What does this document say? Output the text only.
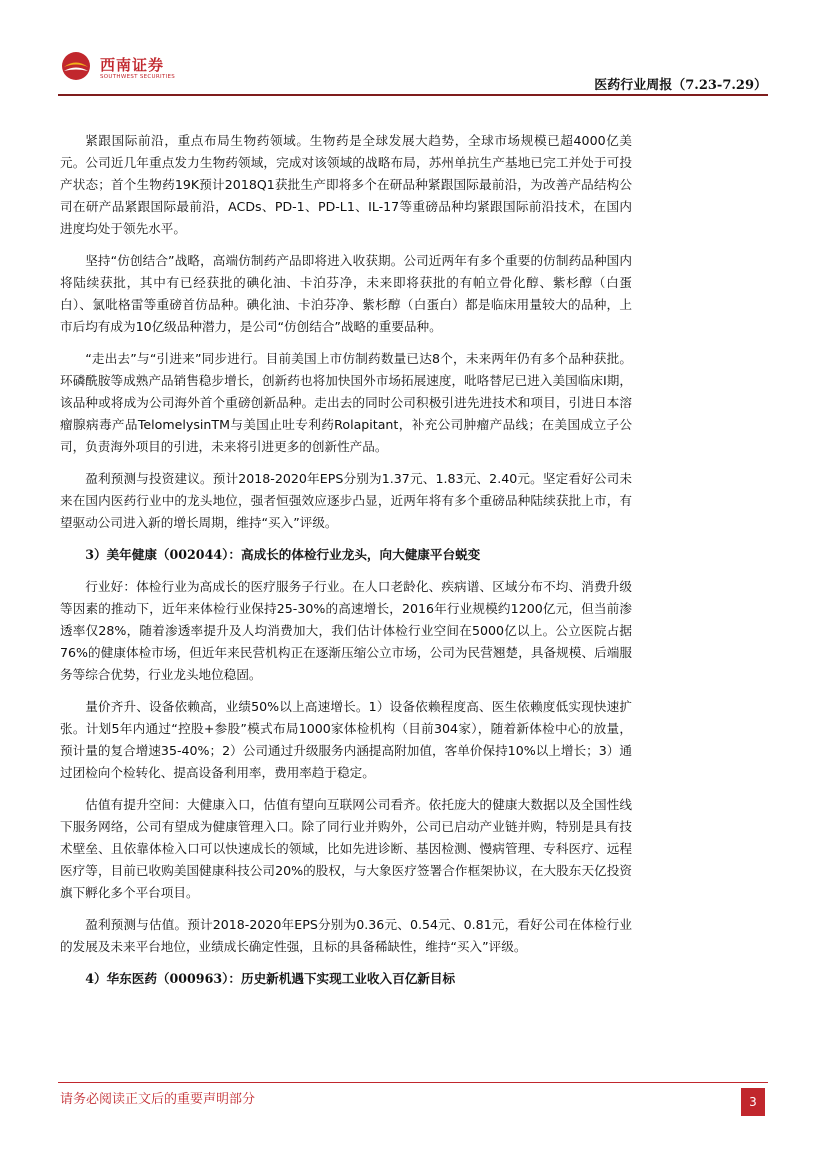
西南证券
SOUTHWEST SECURITIES
医药行业周报（7.23-7.29）

紧跟国际前沿，重点布局生物药领域。生物药是全球发展大趋势，全球市场规模已超4000亿美元。公司近几年重点发力生物药领域，完成对该领域的战略布局，苏州单抗生产基地已完工并处于可投产状态；首个生物药19K预计2018Q1获批生产即将多个在研品种紧跟国际最前沿，为改善产品结构公司在研产品紧跟国际最前沿，ACDs、PD-1、PD-L1、IL-17等重磅品种均紧跟国际前沿技术，在国内进度均处于领先水平。

坚持“仿创结合”战略，高端仿制药产品即将进入收获期。公司近两年有多个重要的仿制药品种国内将陆续获批，其中有已经获批的碘化油、卡泊芬净，未来即将获批的有帕立骨化醇、紫杉醇（白蛋白）、氯吡格雷等重磅首仿品种。碘化油、卡泊芬净、紫杉醇（白蛋白）都是临床用量较大的品种，上市后均有成为10亿级品种潜力，是公司“仿创结合”战略的重要品种。

“走出去”与“引进来”同步进行。目前美国上市仿制药数量已达8个，未来两年仍有多个品种获批。环磷酰胺等成熟产品销售稳步增长，创新药也将加快国外市场拓展速度，吡咯替尼已进入美国临床I期，该品种或将成为公司海外首个重磅创新品种。走出去的同时公司积极引进先进技术和项目，引进日本溶瘤腺病毒产品TelomelysinTM与美国止吐专利药Rolapitant，补充公司肿瘤产品线；在美国成立子公司，负责海外项目的引进，未来将引进更多的创新性产品。

盈利预测与投资建议。预计2018-2020年EPS分别为1.37元、1.83元、2.40元。坚定看好公司未来在国内医药行业中的龙头地位，强者恒强效应逐步凸显，近两年将有多个重磅品种陆续获批上市，有望驱动公司进入新的增长周期，维持“买入”评级。

3）美年健康（002044）：高成长的体检行业龙头，向大健康平台蜕变

行业好：体检行业为高成长的医疗服务子行业。在人口老龄化、疾病谱、区域分布不均、消费升级等因素的推动下，近年来体检行业保持25-30%的高速增长，2016年行业规模约1200亿元，但当前渗透率仅28%，随着渗透率提升及人均消费加大，我们估计体检行业空间在5000亿以上。公立医院占据76%的健康体检市场，但近年来民营机构正在逐渐压缩公立市场，公司为民营翘楚，具备规模、后端服务等综合优势，行业龙头地位稳固。

量价齐升、设备依赖高，业绩50%以上高速增长。1）设备依赖程度高、医生依赖度低实现快速扩张。计划5年内通过“控股+参股”模式布局1000家体检机构（目前304家），随着新体检中心的放量，预计量的复合增速35-40%；2）公司通过升级服务内涵提高附加值，客单价保持10%以上增长；3）通过团检向个检转化、提高设备利用率，费用率趋于稳定。

估值有提升空间：大健康入口，估值有望向互联网公司看齐。依托庞大的健康大数据以及全国性线下服务网络，公司有望成为健康管理入口。除了同行业并购外，公司已启动产业链并购，特别是具有技术壁垒、且依靠体检入口可以快速成长的领域，比如先进诊断、基因检测、慢病管理、专科医疗、远程医疗等，目前已收购美国健康科技公司20%的股权，与大象医疗签署合作框架协议，在大股东天亿投资旗下孵化多个平台项目。

盈利预测与估值。预计2018-2020年EPS分别为0.36元、0.54元、0.81元，看好公司在体检行业的发展及未来平台地位，业绩成长确定性强，且标的具备稀缺性，维持“买入”评级。

4）华东医药（000963）：历史新机遇下实现工业收入百亿新目标
请务必阅读正文后的重要声明部分	3
